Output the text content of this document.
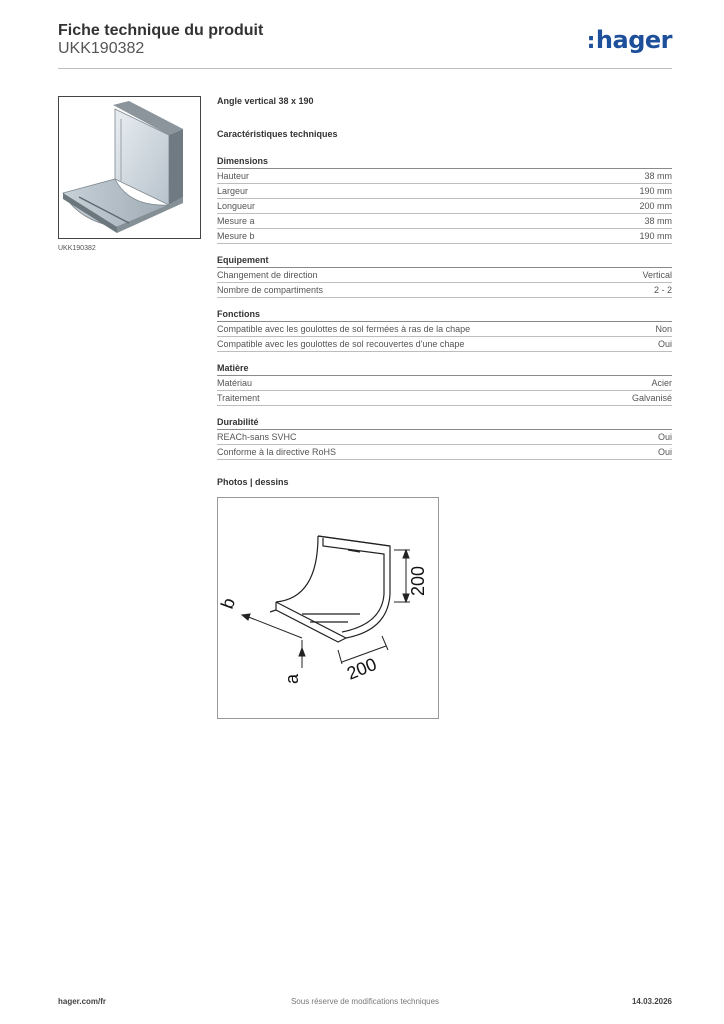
Fiche technique du produit
UKK190382	:hager
UKK190382
Angle vertical 38 x 190
Caractéristiques techniques
Dimensions
Hauteur	38 mm
Largeur	190 mm
Longueur	200 mm
Mesure a	38 mm
Mesure b	190 mm
Equipement
Changement de direction	Vertical
Nombre de compartiments	2 - 2
Fonctions
Compatible avec les goulottes de sol fermées à ras de la chape	Non
Compatible avec les goulottes de sol recouvertes d'une chape	Oui
Matière
Matériau	Acier
Traitement	Galvanisé
Durabilité
REACh-sans SVHC	Oui
Conforme à la directive RoHS	Oui
Photos | dessins
200
200
b
a
hager.com/fr	Sous réserve de modifications techniques	14.03.2026
